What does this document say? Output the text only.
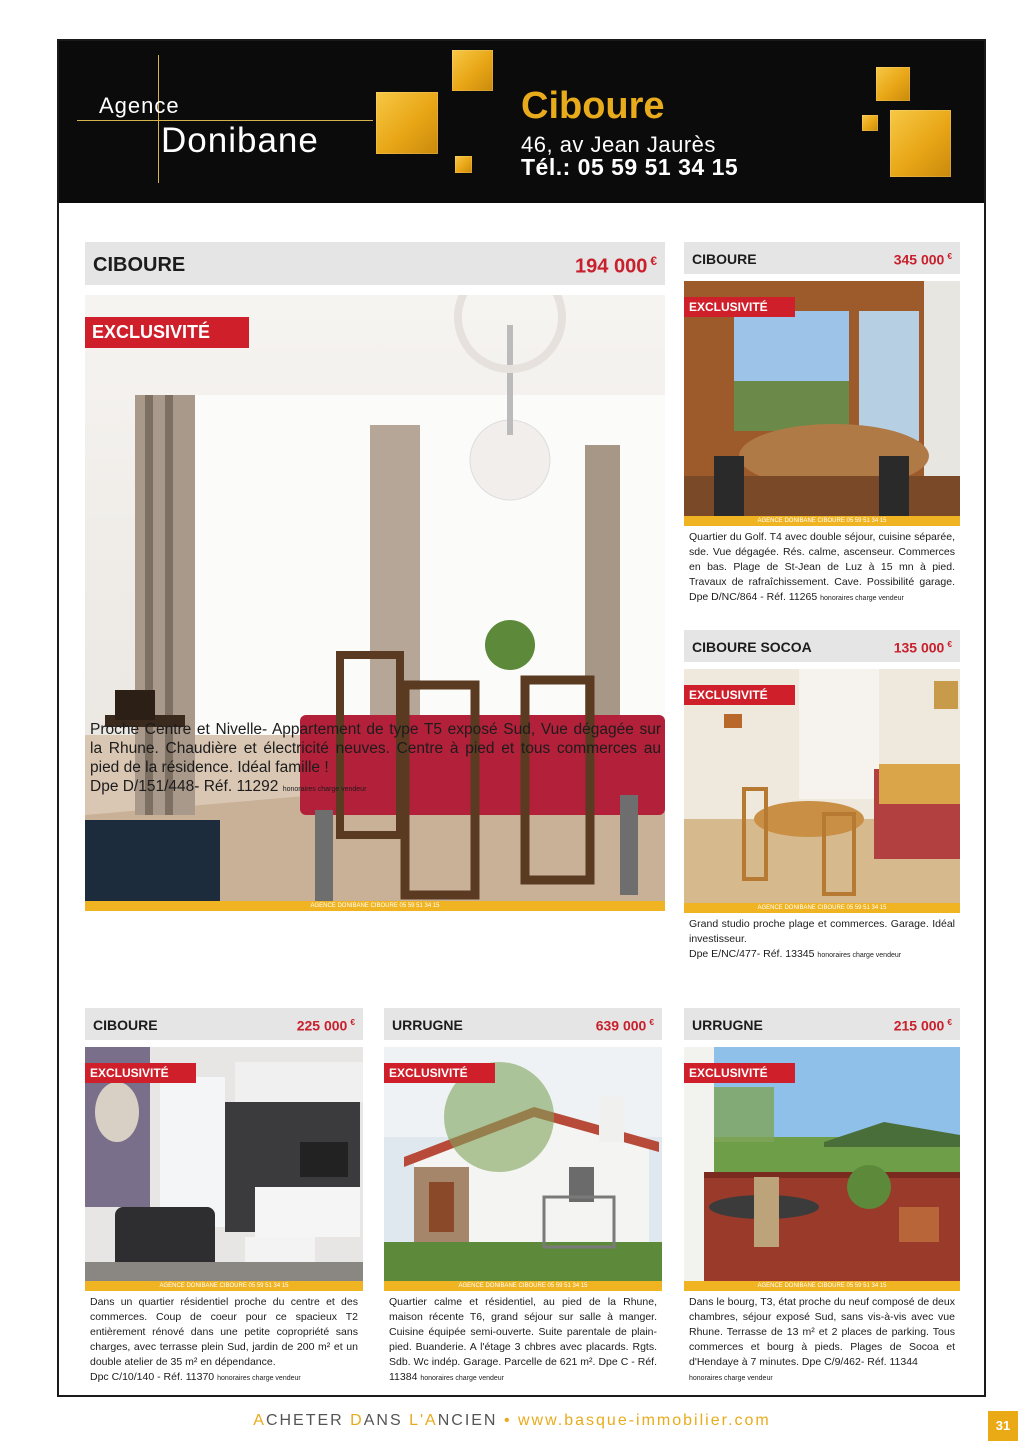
Agence
Donibane
Ciboure
46, av Jean Jaurès
Tél.: 05 59 51 34 15
CIBOURE	194 000 €
EXCLUSIVITÉ
AGENCE DONIBANE CIBOURE 05 59 51 34 15
Proche Centre et Nivelle- Appartement de type T5 exposé Sud, Vue dégagée sur la Rhune. Chaudière et électricité neuves. Centre à pied et tous commerces au pied de la résidence. Idéal famille !
Dpe D/151/448- Réf. 11292 honoraires charge vendeur
CIBOURE	345 000 €
EXCLUSIVITÉ
AGENCE DONIBANE CIBOURE 05 59 51 34 15
Quartier du Golf. T4 avec double séjour, cuisine séparée, sde. Vue dégagée. Rés. calme, ascenseur. Commerces en bas. Plage de St-Jean de Luz à 15 mn à pied. Travaux de rafraîchissement. Cave. Possibilité garage. Dpe D/NC/864 - Réf. 11265 honoraires charge vendeur
CIBOURE SOCOA	135 000 €
EXCLUSIVITÉ
AGENCE DONIBANE CIBOURE 05 59 51 34 15
Grand studio proche plage et commerces. Garage. Idéal investisseur.
Dpe E/NC/477- Réf. 13345 honoraires charge vendeur
CIBOURE	225 000 €
EXCLUSIVITÉ
AGENCE DONIBANE CIBOURE 05 59 51 34 15
Dans un quartier résidentiel proche du centre et des commerces. Coup de coeur pour ce spacieux T2 entièrement rénové dans une petite copropriété sans charges, avec terrasse plein Sud, jardin de 200 m² et un double atelier de 35 m² en dépendance.
Dpc C/10/140 - Réf. 11370 honoraires charge vendeur
URRUGNE	639 000 €
EXCLUSIVITÉ
AGENCE DONIBANE CIBOURE 05 59 51 34 15
Quartier calme et résidentiel, au pied de la Rhune, maison récente T6, grand séjour sur salle à manger. Cuisine équipée semi-ouverte. Suite parentale de plain-pied. Buanderie. A l'étage 3 chbres avec placards. Rgts. Sdb. Wc indép. Garage. Parcelle de 621 m². Dpe C - Réf. 11384 honoraires charge vendeur
URRUGNE	215 000 €
EXCLUSIVITÉ
AGENCE DONIBANE CIBOURE 05 59 51 34 15
Dans le bourg, T3, état proche du neuf composé de deux chambres, séjour exposé Sud, sans vis-à-vis avec vue Rhune. Terrasse de 13 m² et 2 places de parking. Tous commerces et bourg à pieds. Plages de Socoa et d'Hendaye à 7 minutes. Dpe C/9/462- Réf. 11344
honoraires charge vendeur
ACHETER DANS L'ANCIEN • www.basque-immobilier.com	31
